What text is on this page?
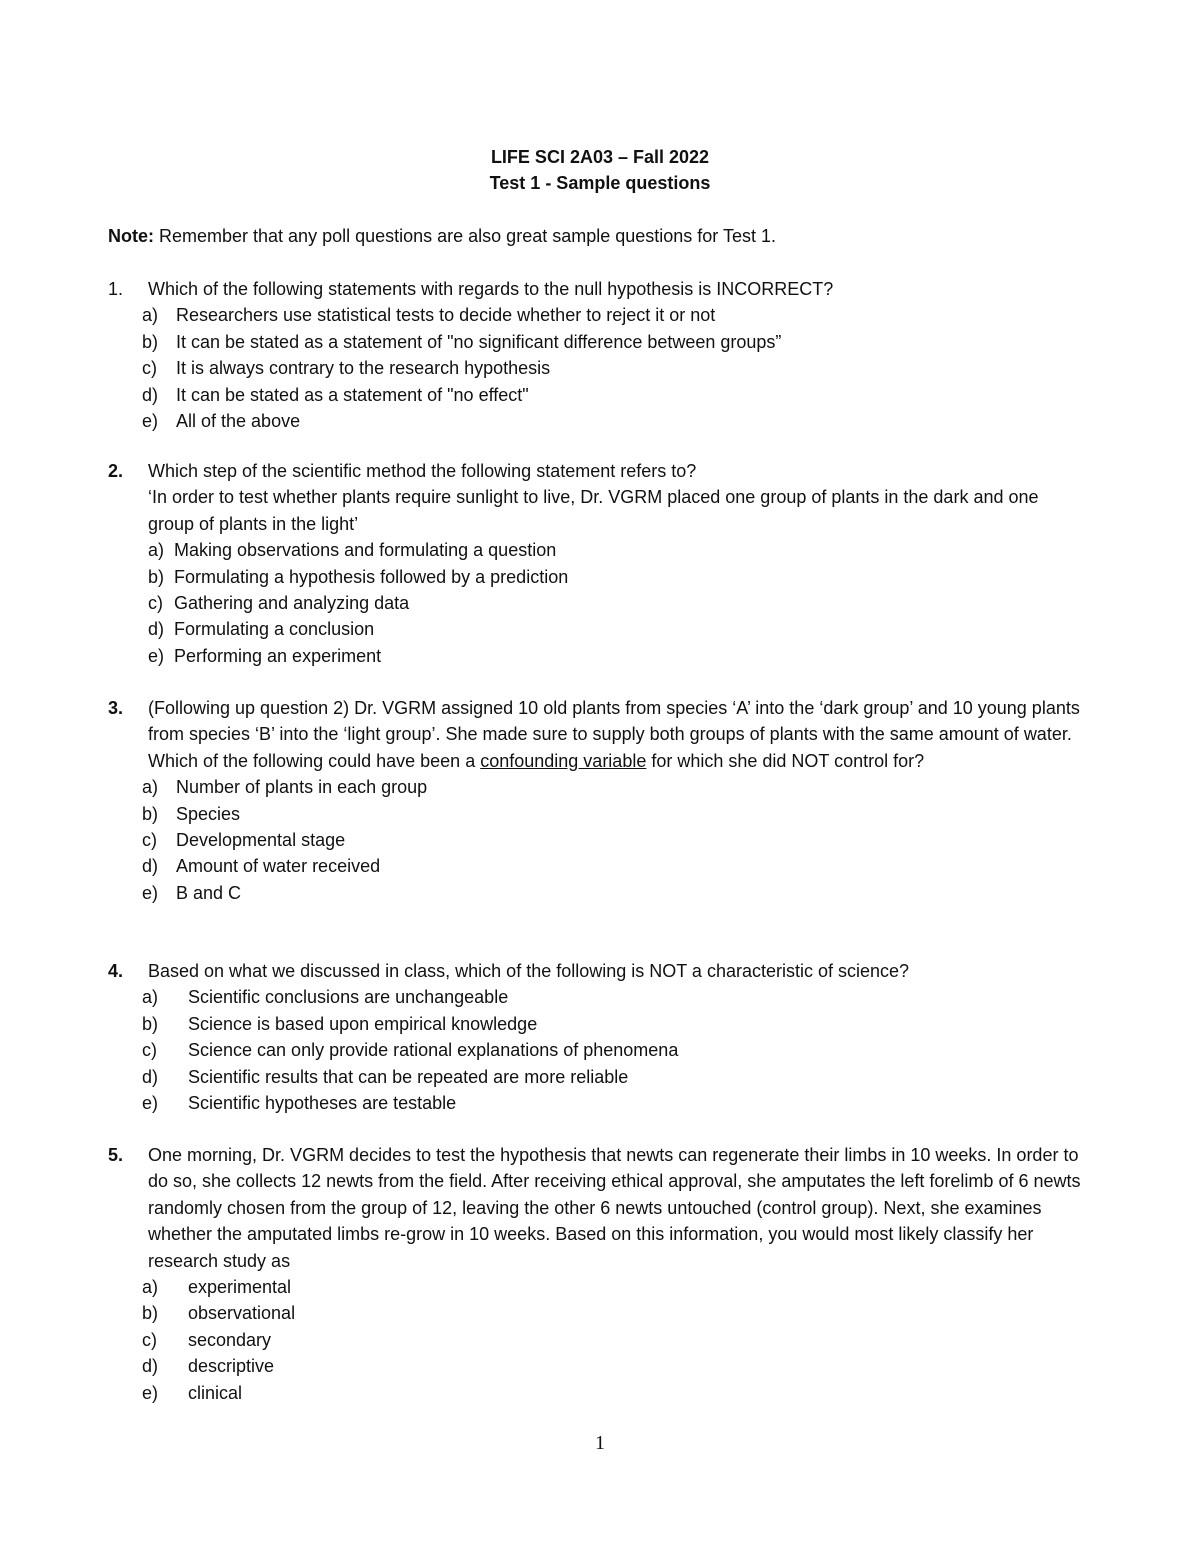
LIFE SCI 2A03 – Fall 2022
Test 1 - Sample questions
Note: Remember that any poll questions are also great sample questions for Test 1.
1. Which of the following statements with regards to the null hypothesis is INCORRECT?
a) Researchers use statistical tests to decide whether to reject it or not
b) It can be stated as a statement of "no significant difference between groups”
c) It is always contrary to the research hypothesis
d) It can be stated as a statement of "no effect"
e) All of the above
2. Which step of the scientific method the following statement refers to?
‘In order to test whether plants require sunlight to live, Dr. VGRM placed one group of plants in the dark and one group of plants in the light’
a) Making observations and formulating a question
b) Formulating a hypothesis followed by a prediction
c) Gathering and analyzing data
d) Formulating a conclusion
e) Performing an experiment
3. (Following up question 2) Dr. VGRM assigned 10 old plants from species ‘A’ into the ‘dark group’ and 10 young plants from species ‘B’ into the ‘light group’. She made sure to supply both groups of plants with the same amount of water. Which of the following could have been a confounding variable for which she did NOT control for?
a) Number of plants in each group
b) Species
c) Developmental stage
d) Amount of water received
e) B and C
4. Based on what we discussed in class, which of the following is NOT a characteristic of science?
a) Scientific conclusions are unchangeable
b) Science is based upon empirical knowledge
c) Science can only provide rational explanations of phenomena
d) Scientific results that can be repeated are more reliable
e) Scientific hypotheses are testable
5. One morning, Dr. VGRM decides to test the hypothesis that newts can regenerate their limbs in 10 weeks. In order to do so, she collects 12 newts from the field. After receiving ethical approval, she amputates the left forelimb of 6 newts randomly chosen from the group of 12, leaving the other 6 newts untouched (control group). Next, she examines whether the amputated limbs re-grow in 10 weeks. Based on this information, you would most likely classify her research study as
a) experimental
b) observational
c) secondary
d) descriptive
e) clinical
1
